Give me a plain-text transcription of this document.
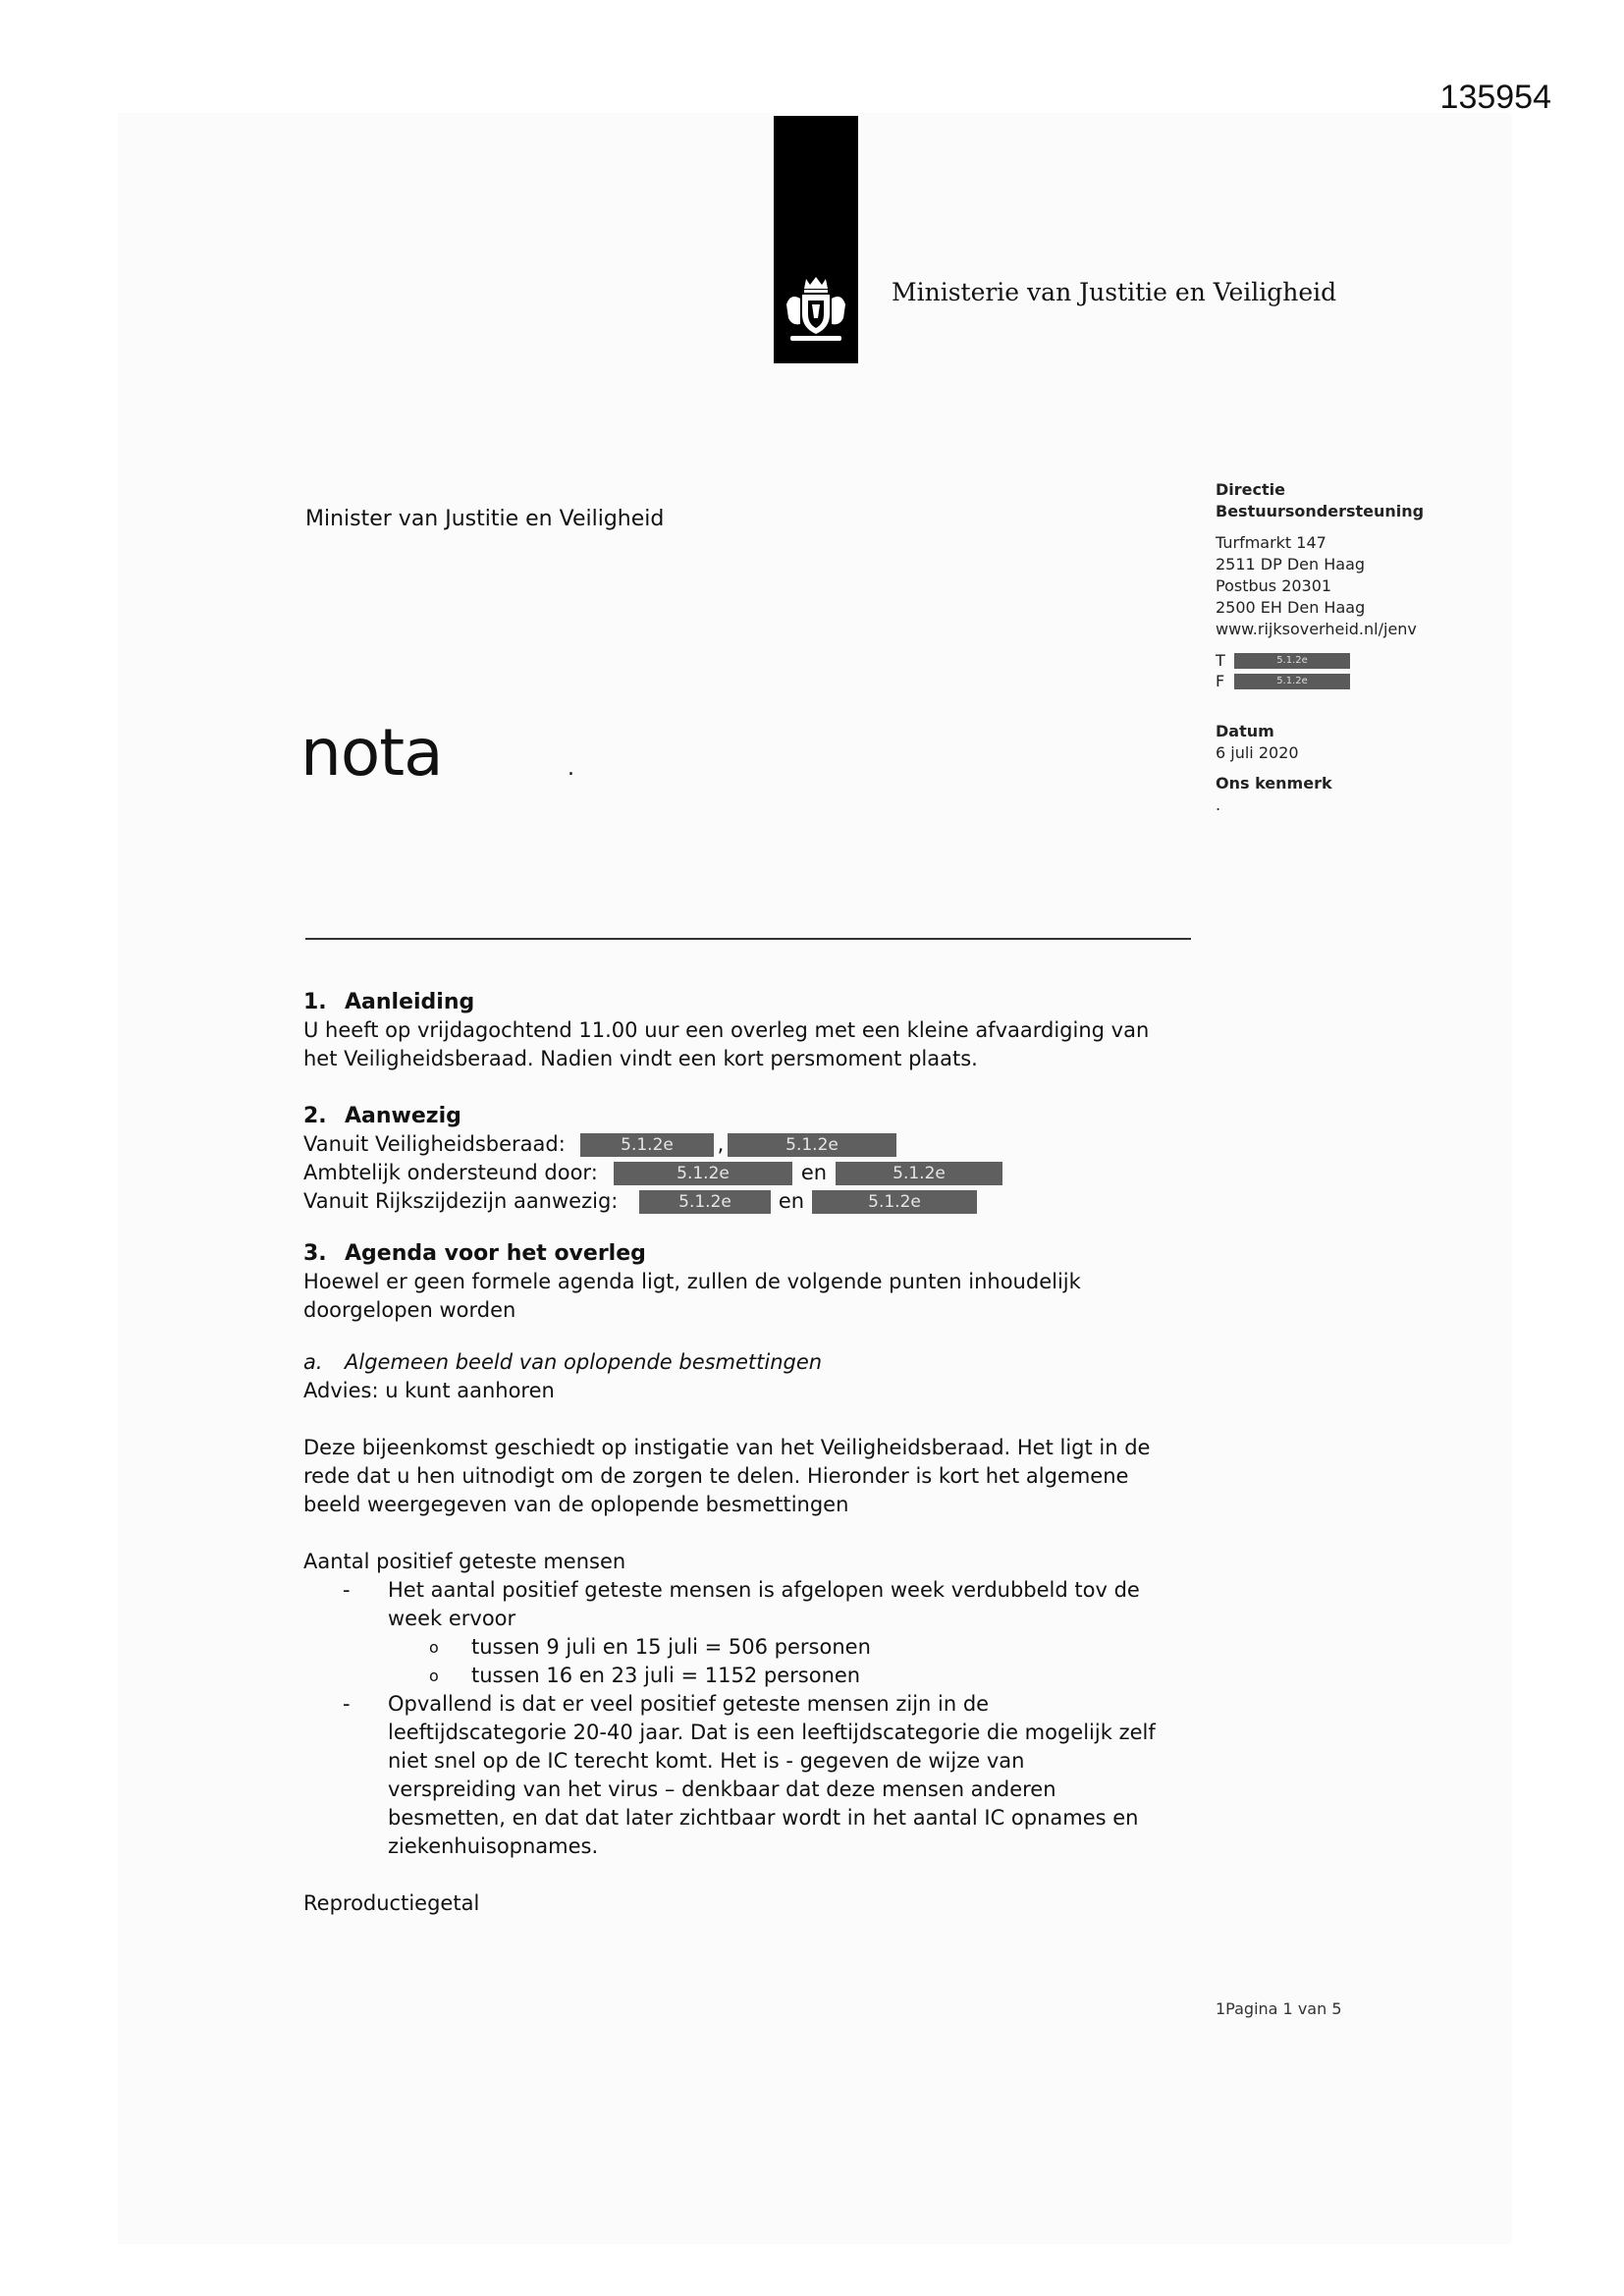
135954
Ministerie van Justitie en Veiligheid
Minister van Justitie en Veiligheid
nota	.

Directie

Bestuursondersteuning

Turfmarkt 147

2511 DP Den Haag

Postbus 20301

2500 EH Den Haag

www.rijksoverheid.nl/jenv

T	5.1.2e
F	5.1.2e

Datum

6 juli 2020

Ons kenmerk

.

1. Aanleiding

U heeft op vrijdagochtend 11.00 uur een overleg met een kleine afvaardiging van

het Veiligheidsberaad. Nadien vindt een kort persmoment plaats.

2. Aanwezig

Vanuit Veiligheidsberaad:	5.1.2e	,	5.1.2e
Ambtelijk ondersteund door:	5.1.2e	en	5.1.2e
Vanuit Rijkszijdezijn aanwezig:	5.1.2e	en	5.1.2e

3. Agenda voor het overleg

Hoewel er geen formele agenda ligt, zullen de volgende punten inhoudelijk

doorgelopen worden

a. Algemeen beeld van oplopende besmettingen

Advies: u kunt aanhoren

Deze bijeenkomst geschiedt op instigatie van het Veiligheidsberaad. Het ligt in de

rede dat u hen uitnodigt om de zorgen te delen. Hieronder is kort het algemene

beeld weergegeven van de oplopende besmettingen

Aantal positief geteste mensen

-	Het aantal positief geteste mensen is afgelopen week verdubbeld tov de

week ervoor

o	tussen 9 juli en 15 juli = 506 personen

o	tussen 16 en 23 juli = 1152 personen

-	Opvallend is dat er veel positief geteste mensen zijn in de

leeftijdscategorie 20-40 jaar. Dat is een leeftijdscategorie die mogelijk zelf

niet snel op de IC terecht komt. Het is - gegeven de wijze van

verspreiding van het virus – denkbaar dat deze mensen anderen

besmetten, en dat dat later zichtbaar wordt in het aantal IC opnames en

ziekenhuisopnames.

Reproductiegetal

1Pagina 1 van 5
